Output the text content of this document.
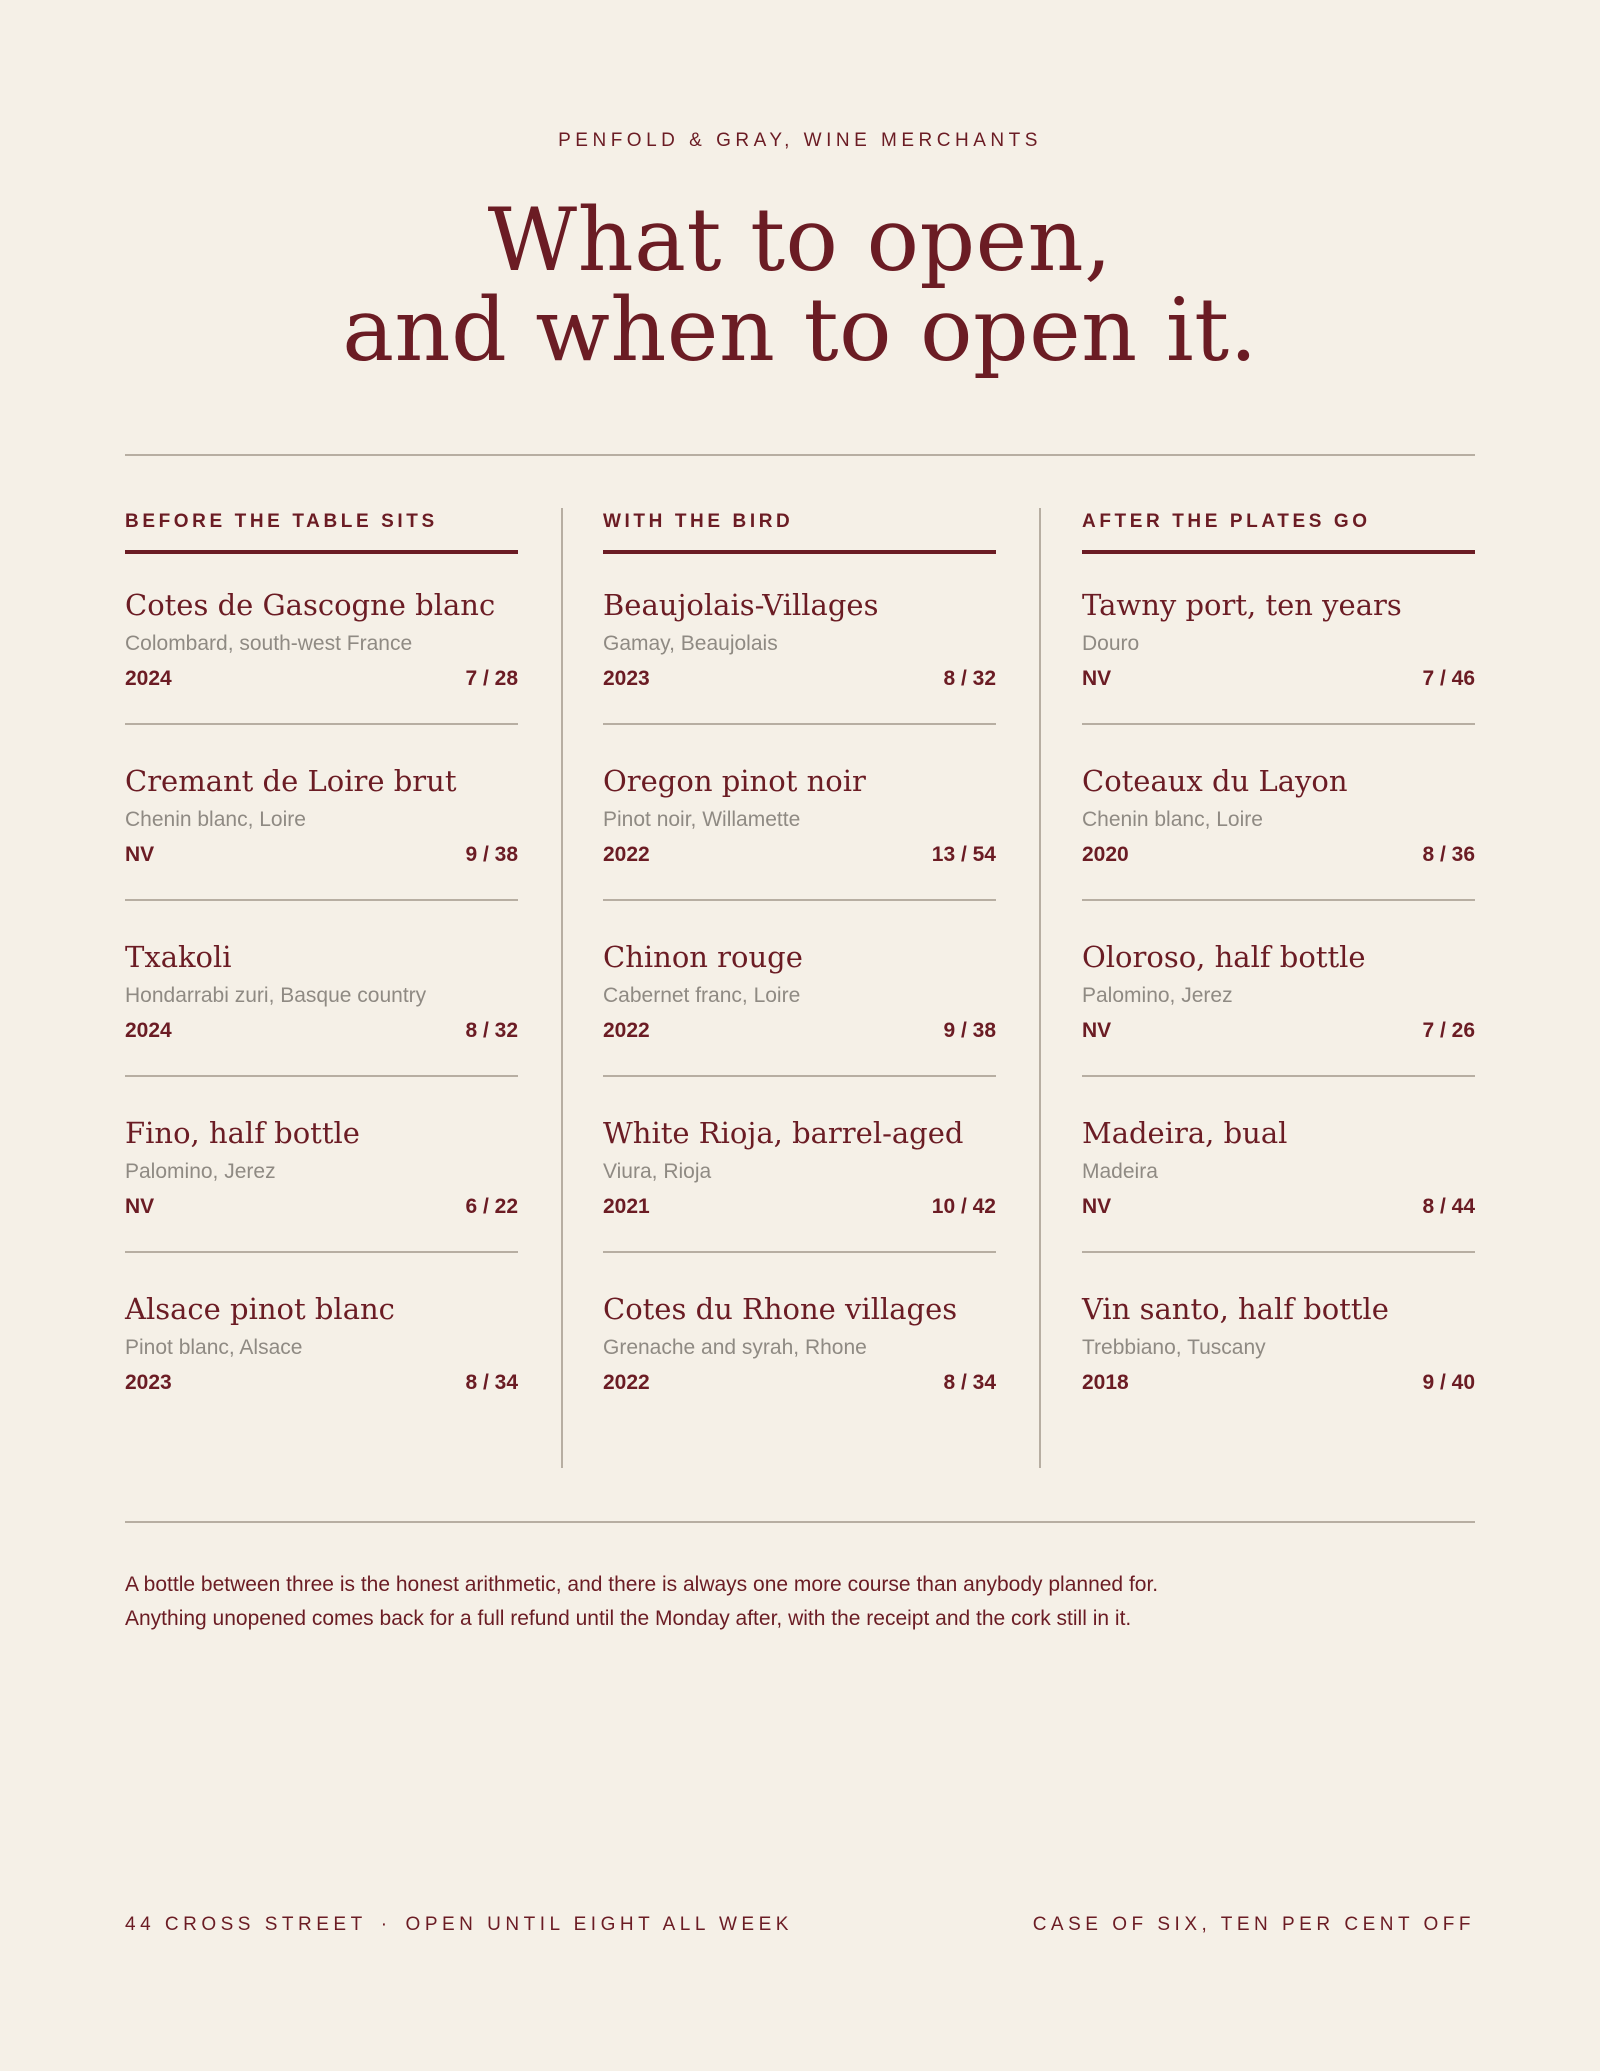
PENFOLD & GRAY, WINE MERCHANTS
What to open,
and when to open it.
BEFORE THE TABLE SITS
Cotes de Gascogne blanc
Colombard, south-west France
2024	7 / 28
Cremant de Loire brut
Chenin blanc, Loire
NV	9 / 38
Txakoli
Hondarrabi zuri, Basque country
2024	8 / 32
Fino, half bottle
Palomino, Jerez
NV	6 / 22
Alsace pinot blanc
Pinot blanc, Alsace
2023	8 / 34
WITH THE BIRD
Beaujolais-Villages
Gamay, Beaujolais
2023	8 / 32
Oregon pinot noir
Pinot noir, Willamette
2022	13 / 54
Chinon rouge
Cabernet franc, Loire
2022	9 / 38
White Rioja, barrel-aged
Viura, Rioja
2021	10 / 42
Cotes du Rhone villages
Grenache and syrah, Rhone
2022	8 / 34
AFTER THE PLATES GO
Tawny port, ten years
Douro
NV	7 / 46
Coteaux du Layon
Chenin blanc, Loire
2020	8 / 36
Oloroso, half bottle
Palomino, Jerez
NV	7 / 26
Madeira, bual
Madeira
NV	8 / 44
Vin santo, half bottle
Trebbiano, Tuscany
2018	9 / 40
A bottle between three is the honest arithmetic, and there is always one more course than anybody planned for.
Anything unopened comes back for a full refund until the Monday after, with the receipt and the cork still in it.
44 CROSS STREET · OPEN UNTIL EIGHT ALL WEEK	CASE OF SIX, TEN PER CENT OFF
